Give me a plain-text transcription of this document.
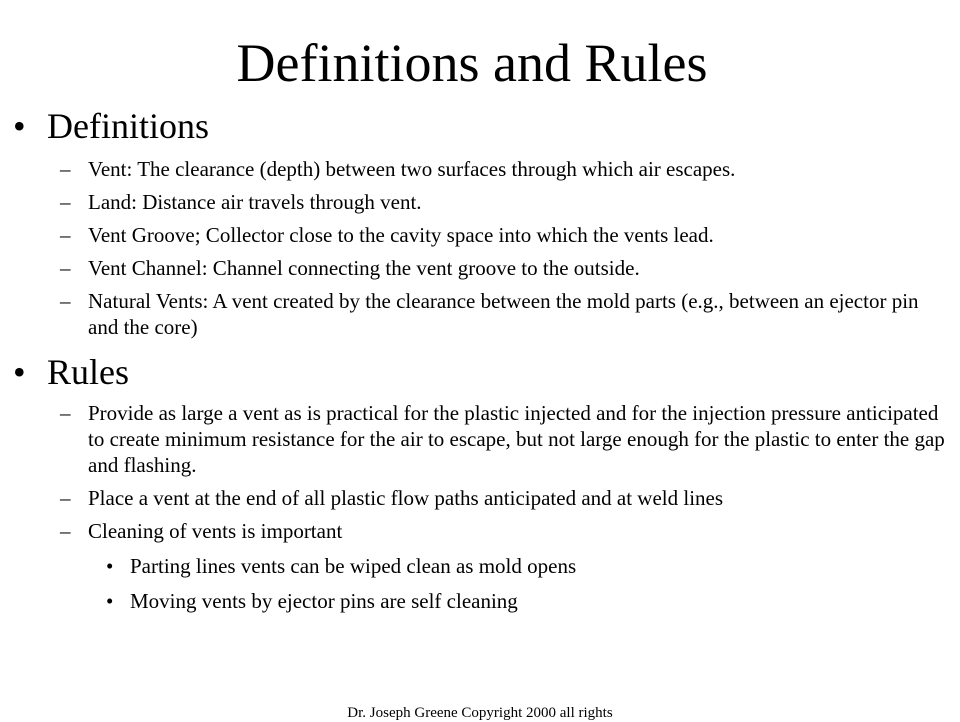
Definitions and Rules
• Definitions
– Vent: The clearance (depth) between two surfaces through which air escapes.
– Land: Distance air travels through vent.
– Vent Groove; Collector close to the cavity space into which the vents lead.
– Vent Channel: Channel connecting the vent groove to the outside.
– Natural Vents: A vent created by the clearance between the mold parts (e.g., between an ejector pin and the core)
• Rules
– Provide as large a vent as is practical for the plastic injected and for the injection pressure anticipated to create minimum resistance for the air to escape, but not large enough for the plastic to enter the gap and flashing.
– Place a vent at the end of all plastic flow paths anticipated and at weld lines
– Cleaning of vents is important
• Parting lines vents can be wiped clean as mold opens
• Moving vents by ejector pins are self cleaning
Dr. Joseph Greene Copyright 2000 all rights
